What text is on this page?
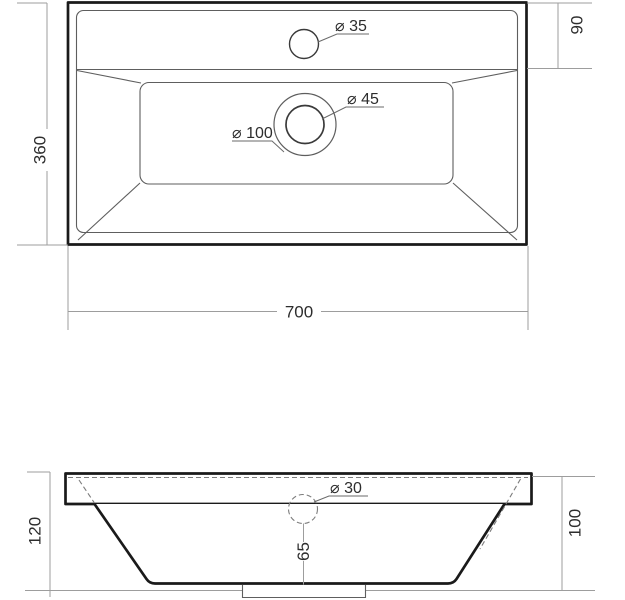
⌀ 35
⌀ 45
⌀ 100
360
700
90
⌀ 30
120	100
65
